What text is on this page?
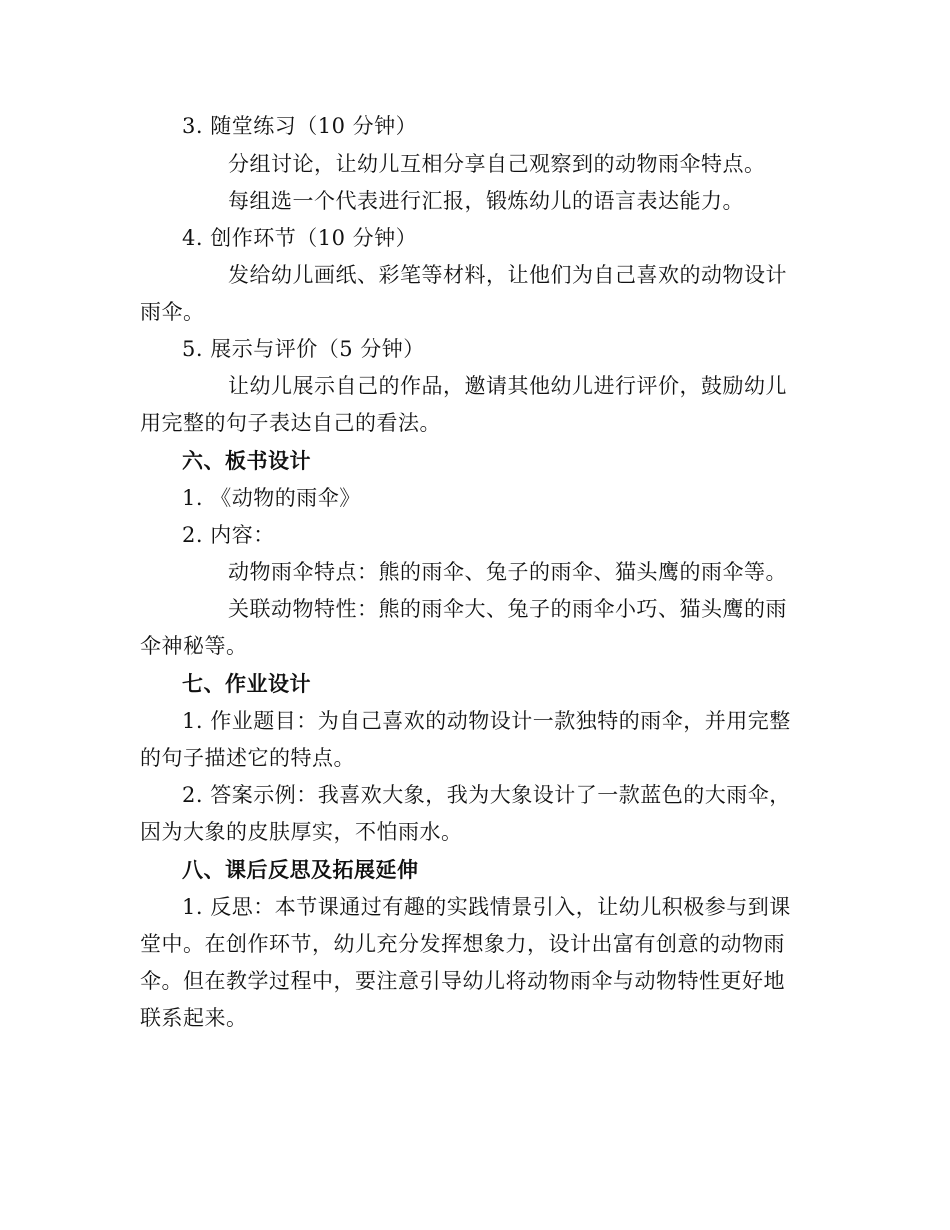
3. 随堂练习（10 分钟）
分组讨论，让幼儿互相分享自己观察到的动物雨伞特点。
每组选一个代表进行汇报，锻炼幼儿的语言表达能力。
4. 创作环节（10 分钟）
发给幼儿画纸、彩笔等材料，让他们为自己喜欢的动物设计
雨伞。
5. 展示与评价（5 分钟）
让幼儿展示自己的作品，邀请其他幼儿进行评价，鼓励幼儿
用完整的句子表达自己的看法。
六、板书设计
1. 《动物的雨伞》
2. 内容：
动物雨伞特点：熊的雨伞、兔子的雨伞、猫头鹰的雨伞等。
关联动物特性：熊的雨伞大、兔子的雨伞小巧、猫头鹰的雨
伞神秘等。
七、作业设计
1. 作业题目：为自己喜欢的动物设计一款独特的雨伞，并用完整
的句子描述它的特点。
2. 答案示例：我喜欢大象，我为大象设计了一款蓝色的大雨伞，
因为大象的皮肤厚实，不怕雨水。
八、课后反思及拓展延伸
1. 反思：本节课通过有趣的实践情景引入，让幼儿积极参与到课
堂中。在创作环节，幼儿充分发挥想象力，设计出富有创意的动物雨
伞。但在教学过程中，要注意引导幼儿将动物雨伞与动物特性更好地
联系起来。
